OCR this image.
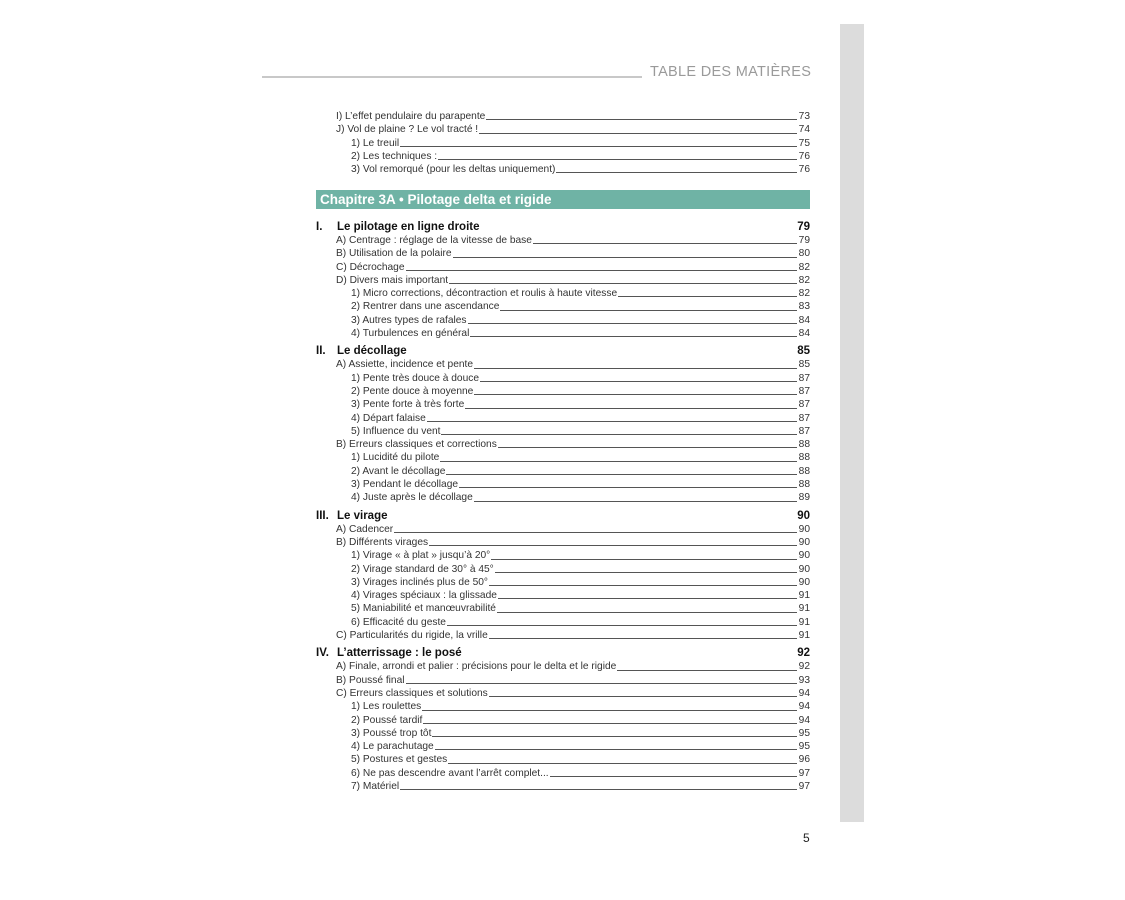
TABLE DES MATIÈRES
I) L’effet pendulaire du parapente	73
J) Vol de plaine ? Le vol tracté !	74
1) Le treuil	75
2) Les techniques :	76
3) Vol remorqué (pour les deltas uniquement)	76
Chapitre 3A • Pilotage delta et rigide
I.	Le pilotage en ligne droite	79
A) Centrage : réglage de la vitesse de base	79
B) Utilisation de la polaire	80
C) Décrochage	82
D) Divers mais important	82
1) Micro corrections, décontraction et roulis à haute vitesse	82
2) Rentrer dans une ascendance	83
3) Autres types de rafales	84
4) Turbulences en général	84
II. Le décollage	85
A) Assiette, incidence et pente	85
1) Pente très douce à douce	87
2) Pente douce à moyenne	87
3) Pente forte à très forte	87
4) Départ falaise	87
5) Influence du vent	87
B) Erreurs classiques et corrections	88
1) Lucidité du pilote	88
2) Avant le décollage	88
3) Pendant le décollage	88
4) Juste après le décollage	89
III. Le virage	90
A) Cadencer	90
B) Différents virages	90
1) Virage « à plat » jusqu’à 20°	90
2) Virage standard de 30° à 45°	90
3) Virages inclinés plus de 50°	90
4) Virages spéciaux : la glissade	91
5) Maniabilité et manœuvrabilité	91
6) Efficacité du geste	91
C) Particularités du rigide, la vrille	91
IV. L’atterrissage : le posé	92
A) Finale, arrondi et palier : précisions pour le delta et le rigide	92
B) Poussé final	93
C) Erreurs classiques et solutions	94
1) Les roulettes	94
2) Poussé tardif	94
3) Poussé trop tôt	95
4) Le parachutage	95
5) Postures et gestes	96
6) Ne pas descendre avant l’arrêt complet...	97
7) Matériel	97
5
